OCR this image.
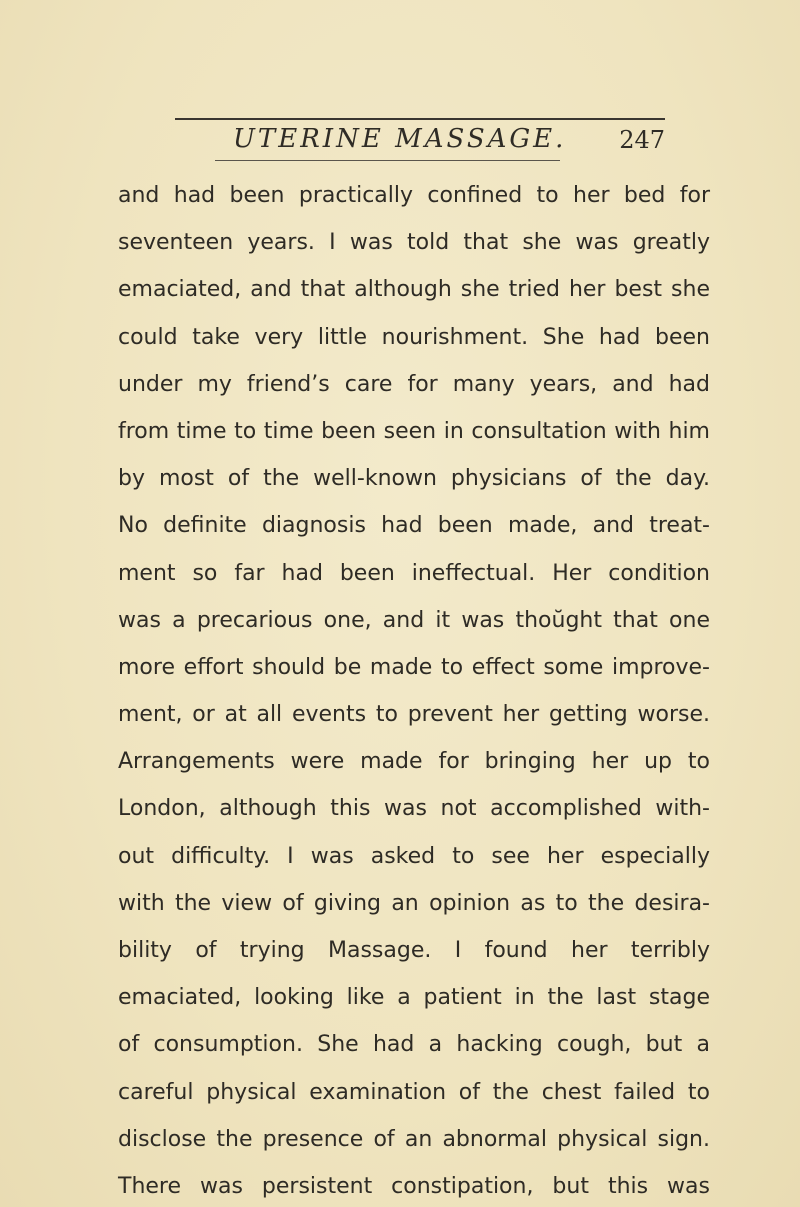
UTERINE MASSAGE. 247
and had been practically confined to her bed for
seventeen years. I was told that she was greatly
emaciated, and that although she tried her best she
could take very little nourishment. She had been
under my friend’s care for many years, and had
from time to time been seen in consultation with him
by most of the well-known physicians of the day.
No definite diagnosis had been made, and treat-
ment so far had been ineffectual. Her condition
was a precarious one, and it was thoŭght that one
more effort should be made to effect some improve-
ment, or at all events to prevent her getting worse.
Arrangements were made for bringing her up to
London, although this was not accomplished with-
out difficulty. I was asked to see her especially
with the view of giving an opinion as to the desira-
bility of trying Massage. I found her terribly
emaciated, looking like a patient in the last stage
of consumption. She had a hacking cough, but a
careful physical examination of the chest failed to
disclose the presence of an abnormal physical sign.
There was persistent constipation, but this was
